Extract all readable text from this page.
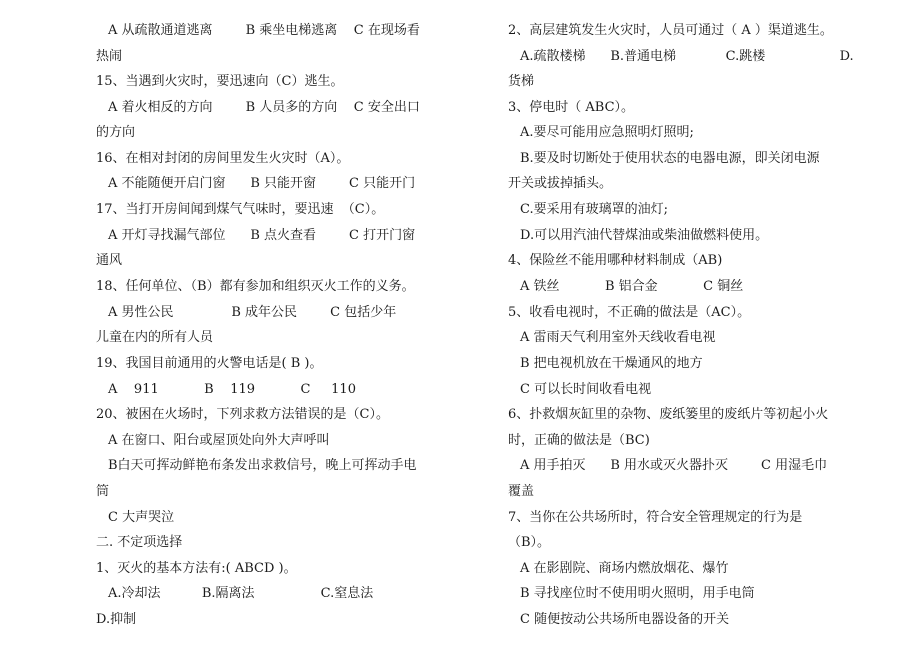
A 从疏散通道逃离        B 乘坐电梯逃离    C 在现场看
热闹
15、当遇到火灾时，要迅速向（C）逃生。
A 着火相反的方向        B 人员多的方向    C 安全出口
的方向
16、在相对封闭的房间里发生火灾时（A）。
A 不能随便开启门窗      B 只能开窗        C 只能开门
17、当打开房间闻到煤气气味时，要迅速  （C）。
A 开灯寻找漏气部位      B 点火查看        C 打开门窗
通风
18、任何单位、（B）都有参加和组织灭火工作的义务。
A 男性公民              B 成年公民        C 包括少年
儿童在内的所有人员
19、我国目前通用的火警电话是( B )。
A    911           B    119           C     110
20、被困在火场时，下列求救方法错误的是（C）。
A 在窗口、阳台或屋顶处向外大声呼叫
B白天可挥动鲜艳布条发出求救信号，晚上可挥动手电
筒
C 大声哭泣
二. 不定项选择
1、灭火的基本方法有:( ABCD )。
A.冷却法          B.隔离法                C.窒息法
D.抑制
2、高层建筑发生火灾时，人员可通过（ A ）渠道逃生。
A.疏散楼梯      B.普通电梯            C.跳楼                  D.
货梯
3、停电时（ ABC）。
A.要尽可能用应急照明灯照明;
B.要及时切断处于使用状态的电器电源，即关闭电源
开关或拔掉插头。
C.要采用有玻璃罩的油灯;
D.可以用汽油代替煤油或柴油做燃料使用。
4、保险丝不能用哪种材料制成（AB)
A 铁丝           B 铝合金           C 铜丝
5、收看电视时，不正确的做法是（AC）。
A 雷雨天气利用室外天线收看电视
B 把电视机放在干燥通风的地方
C 可以长时间收看电视
6、扑救烟灰缸里的杂物、废纸篓里的废纸片等初起小火
时，正确的做法是（BC)
A 用手拍灭      B 用水或灭火器扑灭        C 用湿毛巾
覆盖
7、当你在公共场所时，符合安全管理规定的行为是
（B）。
A 在影剧院、商场内燃放烟花、爆竹
B 寻找座位时不使用明火照明，用手电筒
C 随便按动公共场所电器设备的开关
